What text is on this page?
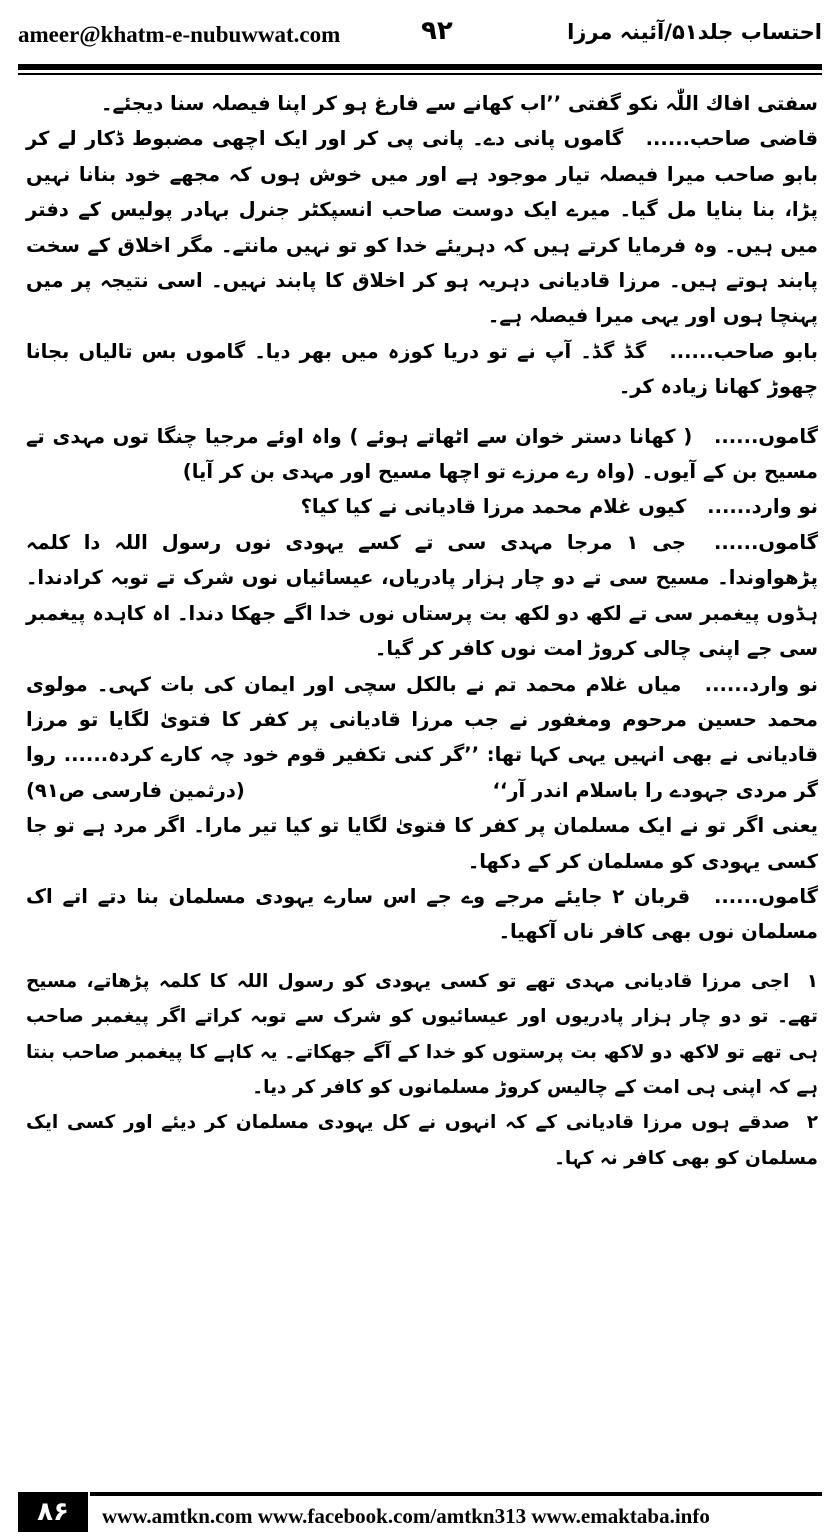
ameer@khatm-e-nubuwwat.com	۹۲	احتساب جلد۵۱/آئینہ مرزا

سفتی افاك اللّٰہ نکو گفتی ’’اب کھانے سے فارغ ہو کر اپنا فیصلہ سنا دیجئے۔

قاضی صاحب...... گاموں پانی دے۔ پانی پی کر اور ایک اچھی مضبوط ڈکار لے کر بابو صاحب میرا فیصلہ تیار موجود ہے اور میں خوش ہوں کہ مجھے خود بنانا نہیں پڑا، بنا بنایا مل گیا۔ میرے ایک دوست صاحب انسپکٹر جنرل بہادر پولیس کے دفتر میں ہیں۔ وہ فرمایا کرتے ہیں کہ دہریئے خدا کو تو نہیں مانتے۔ مگر اخلاق کے سخت پابند ہوتے ہیں۔ مرزا قادیانی دہریہ ہو کر اخلاق کا پابند نہیں۔ اسی نتیجہ پر میں پہنچا ہوں اور یہی میرا فیصلہ ہے۔

بابو صاحب...... گڈ گڈ۔ آپ نے تو دریا کوزہ میں بھر دیا۔ گاموں بس تالیاں بجانا چھوڑ کھانا زیادہ کر۔

گاموں...... ( کھانا دستر خوان سے اٹھاتے ہوئے ) واہ اوئے مرجیا چنگا توں مہدی تے مسیح بن کے آیوں۔ (واہ رے مرزے تو اچھا مسیح اور مہدی بن کر آیا)

نو وارد...... کیوں غلام محمد مرزا قادیانی نے کیا کیا؟

گاموں...... جی ۱ مرجا مہدی سی تے کسے یہودی نوں رسول اللہ دا کلمہ پڑھواوندا۔ مسیح سی تے دو چار ہزار پادریاں، عیسائیاں نوں شرک تے توبہ کرادندا۔ ہڈوں پیغمبر سی تے لکھ دو لکھ بت پرستاں نوں خدا اگے جھکا دندا۔ اہ کاہدہ پیغمبر سی جے اپنی چالی کروڑ امت نوں کافر کر گیا۔

نو وارد...... میاں غلام محمد تم نے بالکل سچی اور ایمان کی بات کہی۔ مولوی محمد حسین مرحوم ومغفور نے جب مرزا قادیانی پر کفر کا فتویٰ لگایا تو مرزا قادیانی نے بھی انہیں یہی کہا تھا: ’’گر کنی تکفیر قوم خود چہ کارے کردہ...... روا گر مردی جہودے را باسلام اندر آر‘‘
(درثمین فارسی ص۹۱)

یعنی اگر تو نے ایک مسلمان پر کفر کا فتویٰ لگایا تو کیا تیر مارا۔ اگر مرد ہے تو جا کسی یہودی کو مسلمان کر کے دکھا۔

گاموں...... قربان ۲ جایئے مرجے وے جے اس سارے یہودی مسلمان بنا دتے اتے اک مسلمان نوں بھی کافر ناں آکھیا۔

۱ اجی مرزا قادیانی مہدی تھے تو کسی یہودی کو رسول اللہ کا کلمہ پڑھاتے، مسیح تھے۔ تو دو چار ہزار پادریوں اور عیسائیوں کو شرک سے توبہ کراتے اگر پیغمبر صاحب ہی تھے تو لاکھ دو لاکھ بت پرستوں کو خدا کے آگے جھکاتے۔ یہ کاہے کا پیغمبر صاحب بنتا ہے کہ اپنی ہی امت کے چالیس کروڑ مسلمانوں کو کافر کر دیا۔

۲ صدقے ہوں مرزا قادیانی کے کہ انہوں نے کل یہودی مسلمان کر دیئے اور کسی ایک مسلمان کو بھی کافر نہ کہا۔

۸۶	www.amtkn.com www.facebook.com/amtkn313 www.emaktaba.info
